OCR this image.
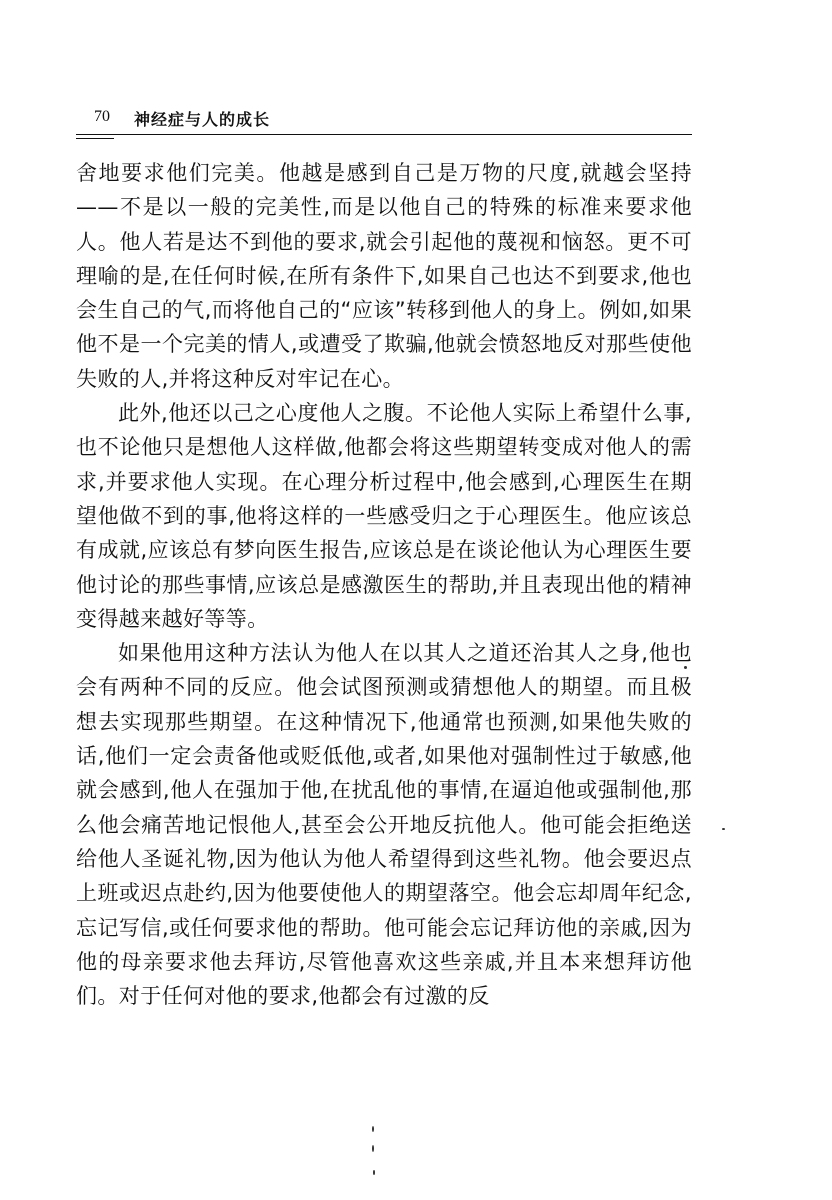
70 神经症与人的成长

舍地要求他们完美。他越是感到自己是万物的尺度,就越会坚持——不是以一般的完美性,而是以他自己的特殊的标准来要求他人。他人若是达不到他的要求,就会引起他的蔑视和恼怒。更不可理喻的是,在任何时候,在所有条件下,如果自己也达不到要求,他也会生自己的气,而将他自己的“应该”转移到他人的身上。例如,如果他不是一个完美的情人,或遭受了欺骗,他就会愤怒地反对那些使他失败的人,并将这种反对牢记在心。

此外,他还以己之心度他人之腹。不论他人实际上希望什么事,也不论他只是想他人这样做,他都会将这些期望转变成对他人的需求,并要求他人实现。在心理分析过程中,他会感到,心理医生在期望他做不到的事,他将这样的一些感受归之于心理医生。他应该总有成就,应该总有梦向医生报告,应该总是在谈论他认为心理医生要他讨论的那些事情,应该总是感激医生的帮助,并且表现出他的精神变得越来越好等等。

如果他用这种方法认为他人在以其人之道还治其人之身,他也会有两种不同的反应。他会试图预测或猜想他人的期望。而且极想去实现那些期望。在这种情况下,他通常也预测,如果他失败的话,他们一定会责备他或贬低他,或者,如果他对强制性过于敏感,他就会感到,他人在强加于他,在扰乱他的事情,在逼迫他或强制他,那么他会痛苦地记恨他人,甚至会公开地反抗他人。他可能会拒绝送给他人圣诞礼物,因为他认为他人希望得到这些礼物。他会要迟点上班或迟点赴约,因为他要使他人的期望落空。他会忘却周年纪念,忘记写信,或任何要求他的帮助。他可能会忘记拜访他的亲戚,因为他的母亲要求他去拜访,尽管他喜欢这些亲戚,并且本来想拜访他们。对于任何对他的要求,他都会有过激的反
